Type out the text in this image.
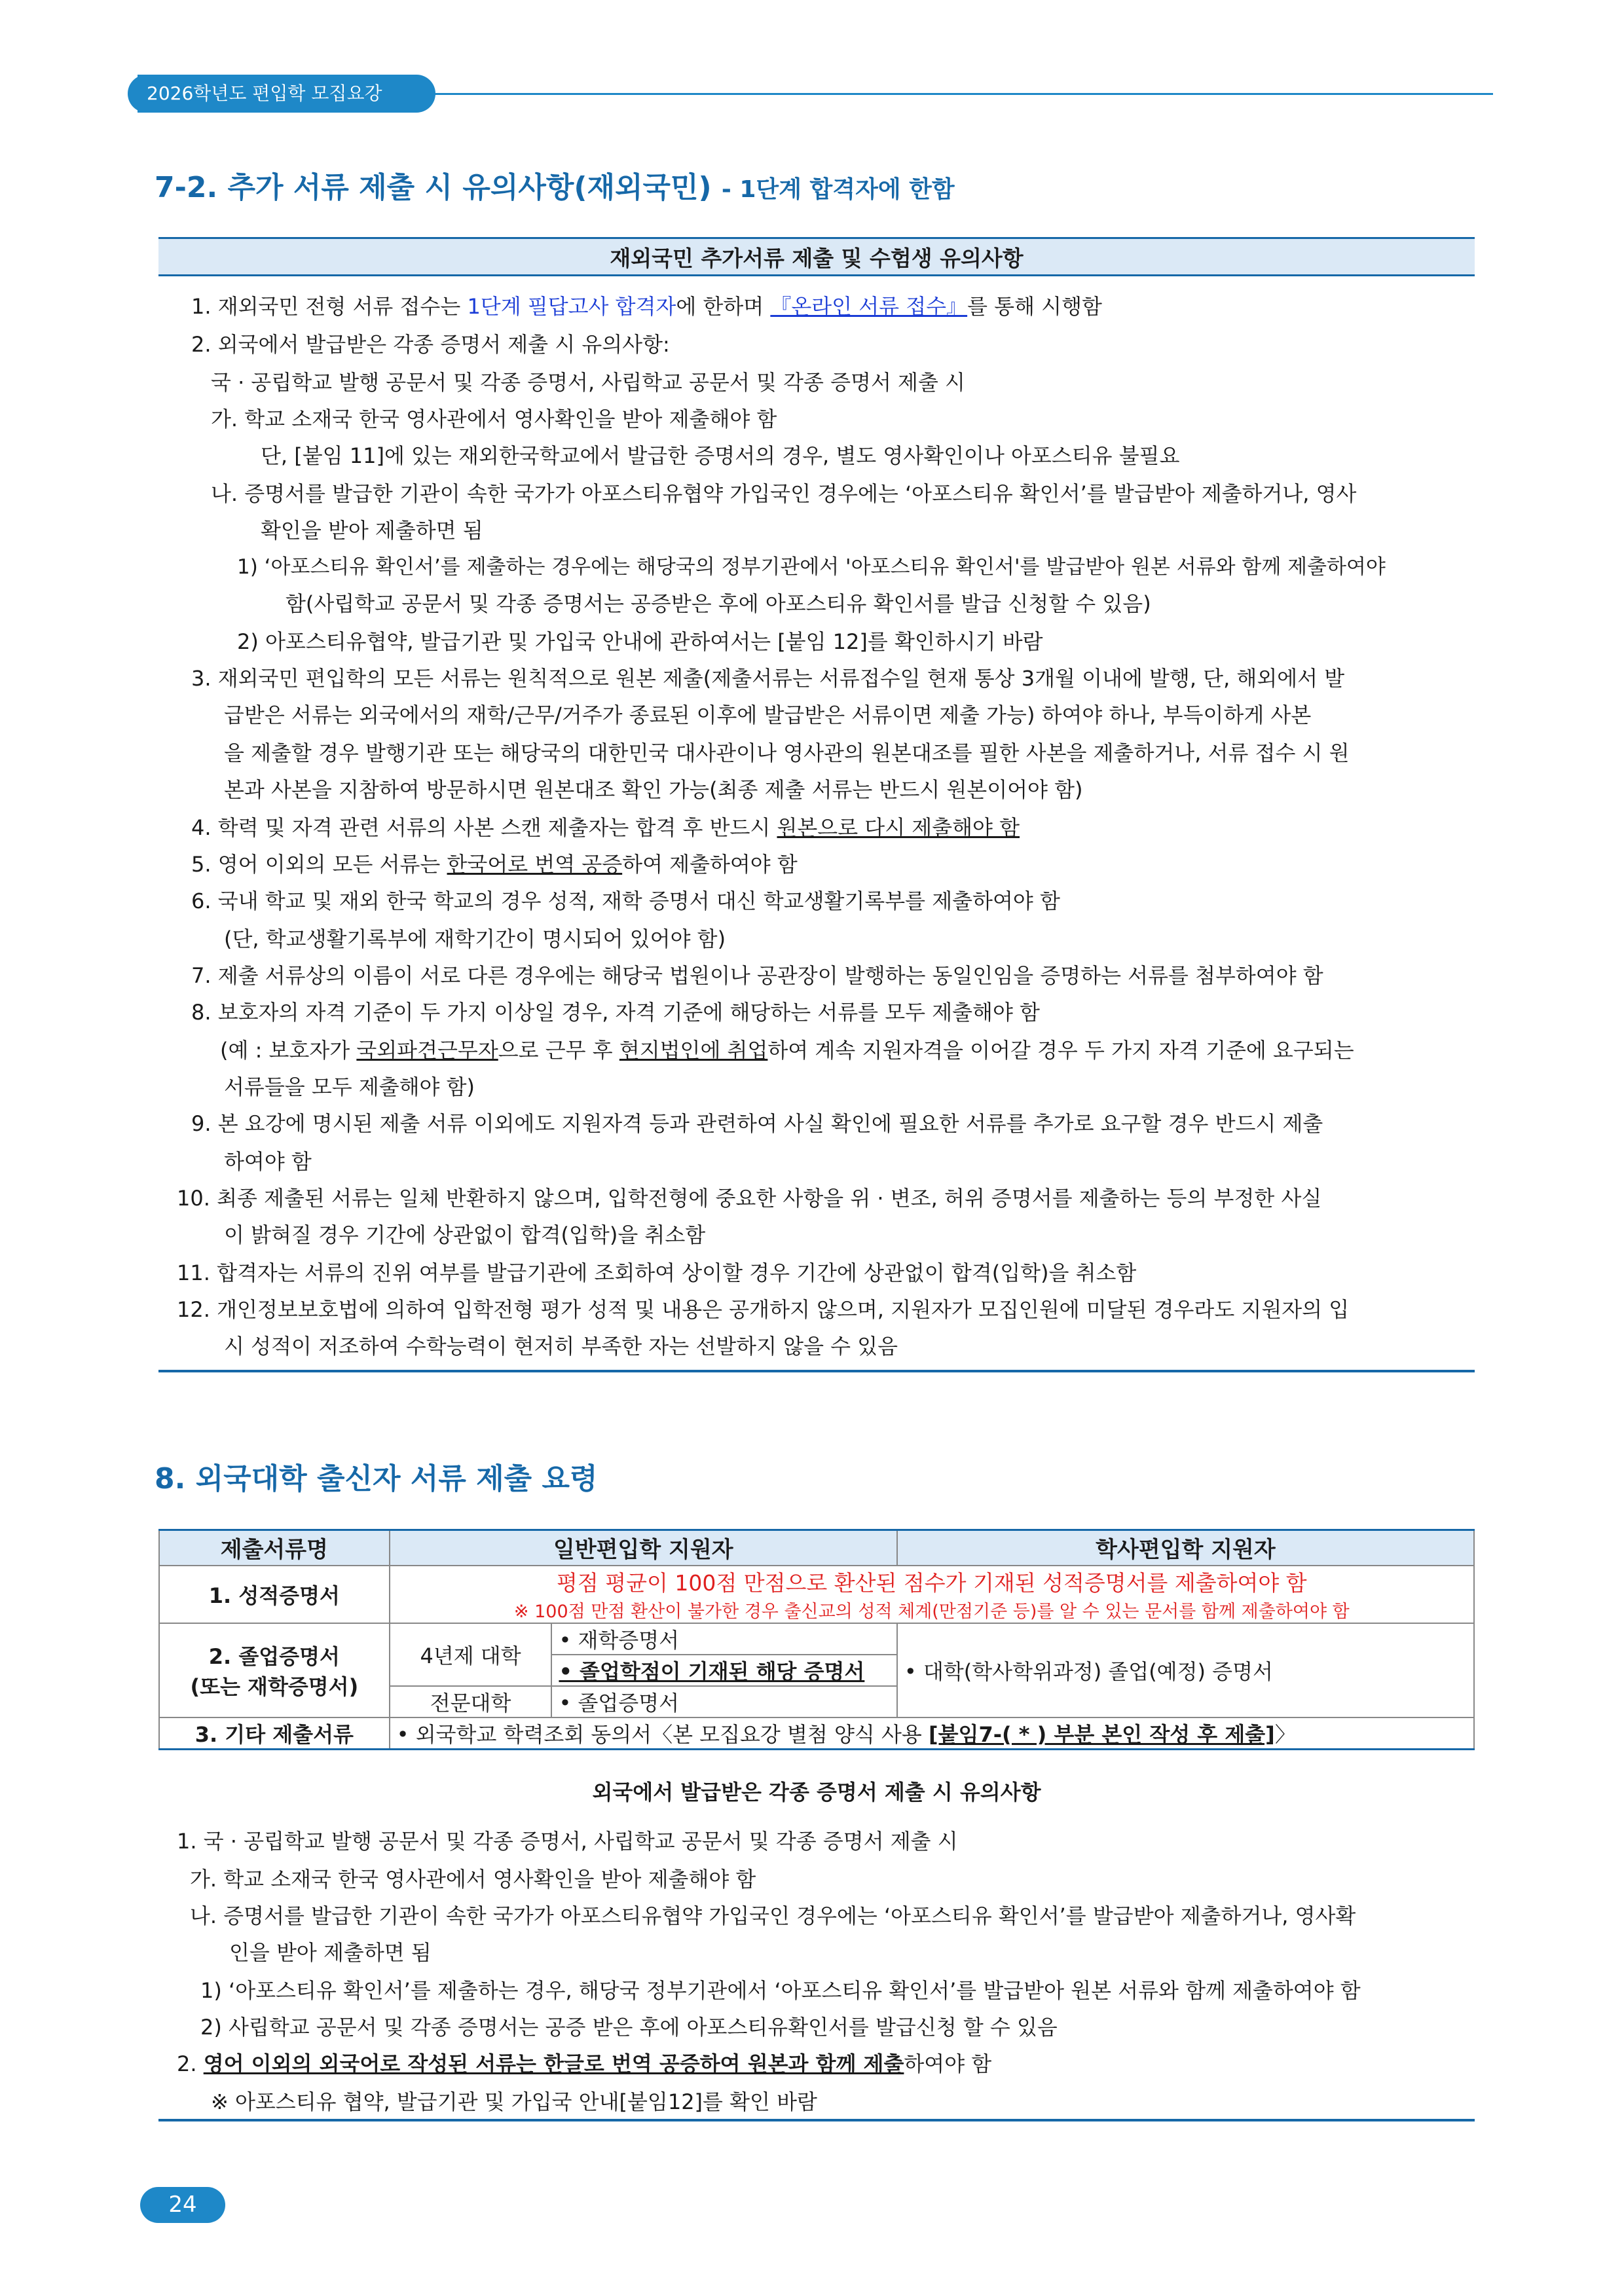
2026학년도 편입학 모집요강
7-2. 추가 서류 제출 시 유의사항(재외국민) - 1단계 합격자에 한함
재외국민 추가서류 제출 및 수험생 유의사항
1. 재외국민 전형 서류 접수는 1단계 필답고사 합격자에 한하며 『온라인 서류 접수』를 통해 시행함
2. 외국에서 발급받은 각종 증명서 제출 시 유의사항:
국 · 공립학교 발행 공문서 및 각종 증명서, 사립학교 공문서 및 각종 증명서 제출 시
가. 학교 소재국 한국 영사관에서 영사확인을 받아 제출해야 함
단, [붙임 11]에 있는 재외한국학교에서 발급한 증명서의 경우, 별도 영사확인이나 아포스티유 불필요
나. 증명서를 발급한 기관이 속한 국가가 아포스티유협약 가입국인 경우에는 ‘아포스티유 확인서’를 발급받아 제출하거나, 영사
확인을 받아 제출하면 됨
1) ‘아포스티유 확인서’를 제출하는 경우에는 해당국의 정부기관에서 '아포스티유 확인서'를 발급받아 원본 서류와 함께 제출하여야
함(사립학교 공문서 및 각종 증명서는 공증받은 후에 아포스티유 확인서를 발급 신청할 수 있음)
2) 아포스티유협약, 발급기관 및 가입국 안내에 관하여서는 [붙임 12]를 확인하시기 바람
3. 재외국민 편입학의 모든 서류는 원칙적으로 원본 제출(제출서류는 서류접수일 현재 통상 3개월 이내에 발행, 단, 해외에서 발
급받은 서류는 외국에서의 재학/근무/거주가 종료된 이후에 발급받은 서류이면 제출 가능) 하여야 하나, 부득이하게 사본
을 제출할 경우 발행기관 또는 해당국의 대한민국 대사관이나 영사관의 원본대조를 필한 사본을 제출하거나, 서류 접수 시 원
본과 사본을 지참하여 방문하시면 원본대조 확인 가능(최종 제출 서류는 반드시 원본이어야 함)
4. 학력 및 자격 관련 서류의 사본 스캔 제출자는 합격 후 반드시 원본으로 다시 제출해야 함
5. 영어 이외의 모든 서류는 한국어로 번역 공증하여 제출하여야 함
6. 국내 학교 및 재외 한국 학교의 경우 성적, 재학 증명서 대신 학교생활기록부를 제출하여야 함
(단, 학교생활기록부에 재학기간이 명시되어 있어야 함)
7. 제출 서류상의 이름이 서로 다른 경우에는 해당국 법원이나 공관장이 발행하는 동일인임을 증명하는 서류를 첨부하여야 함
8. 보호자의 자격 기준이 두 가지 이상일 경우, 자격 기준에 해당하는 서류를 모두 제출해야 함
(예 : 보호자가 국외파견근무자으로 근무 후 현지법인에 취업하여 계속 지원자격을 이어갈 경우 두 가지 자격 기준에 요구되는
서류들을 모두 제출해야 함)
9. 본 요강에 명시된 제출 서류 이외에도 지원자격 등과 관련하여 사실 확인에 필요한 서류를 추가로 요구할 경우 반드시 제출
하여야 함
10. 최종 제출된 서류는 일체 반환하지 않으며, 입학전형에 중요한 사항을 위 · 변조, 허위 증명서를 제출하는 등의 부정한 사실
이 밝혀질 경우 기간에 상관없이 합격(입학)을 취소함
11. 합격자는 서류의 진위 여부를 발급기관에 조회하여 상이할 경우 기간에 상관없이 합격(입학)을 취소함
12. 개인정보보호법에 의하여 입학전형 평가 성적 및 내용은 공개하지 않으며, 지원자가 모집인원에 미달된 경우라도 지원자의 입
시 성적이 저조하여 수학능력이 현저히 부족한 자는 선발하지 않을 수 있음
8. 외국대학 출신자 서류 제출 요령
제출서류명	일반편입학 지원자		학사편입학 지원자
1. 성적증명서	평점 평균이 100점 만점으로 환산된 점수가 기재된 성적증명서를 제출하여야 함		
	※ 100점 만점 환산이 불가한 경우 출신교의 성적 체계(만점기준 등)를 알 수 있는 문서를 함께 제출하여야 함		
2. 졸업증명서
(또는 재학증명서)	4년제 대학	• 재학증명서	• 대학(학사학위과정) 졸업(예정) 증명서
		• 졸업학점이 기재된 해당 증명서	
	전문대학	• 졸업증명서	
3. 기타 제출서류	• 외국학교 학력조회 동의서〈본 모집요강 별첨 양식 사용 [붙임7-( * ) 부분 본인 작성 후 제출]〉		
외국에서 발급받은 각종 증명서 제출 시 유의사항
1. 국 · 공립학교 발행 공문서 및 각종 증명서, 사립학교 공문서 및 각종 증명서 제출 시
가. 학교 소재국 한국 영사관에서 영사확인을 받아 제출해야 함
나. 증명서를 발급한 기관이 속한 국가가 아포스티유협약 가입국인 경우에는 ‘아포스티유 확인서’를 발급받아 제출하거나, 영사확
인을 받아 제출하면 됨
1) ‘아포스티유 확인서’를 제출하는 경우, 해당국 정부기관에서 ‘아포스티유 확인서’를 발급받아 원본 서류와 함께 제출하여야 함
2) 사립학교 공문서 및 각종 증명서는 공증 받은 후에 아포스티유확인서를 발급신청 할 수 있음
2. 영어 이외의 외국어로 작성된 서류는 한글로 번역 공증하여 원본과 함께 제출하여야 함
※ 아포스티유 협약, 발급기관 및 가입국 안내[붙임12]를 확인 바람
24
